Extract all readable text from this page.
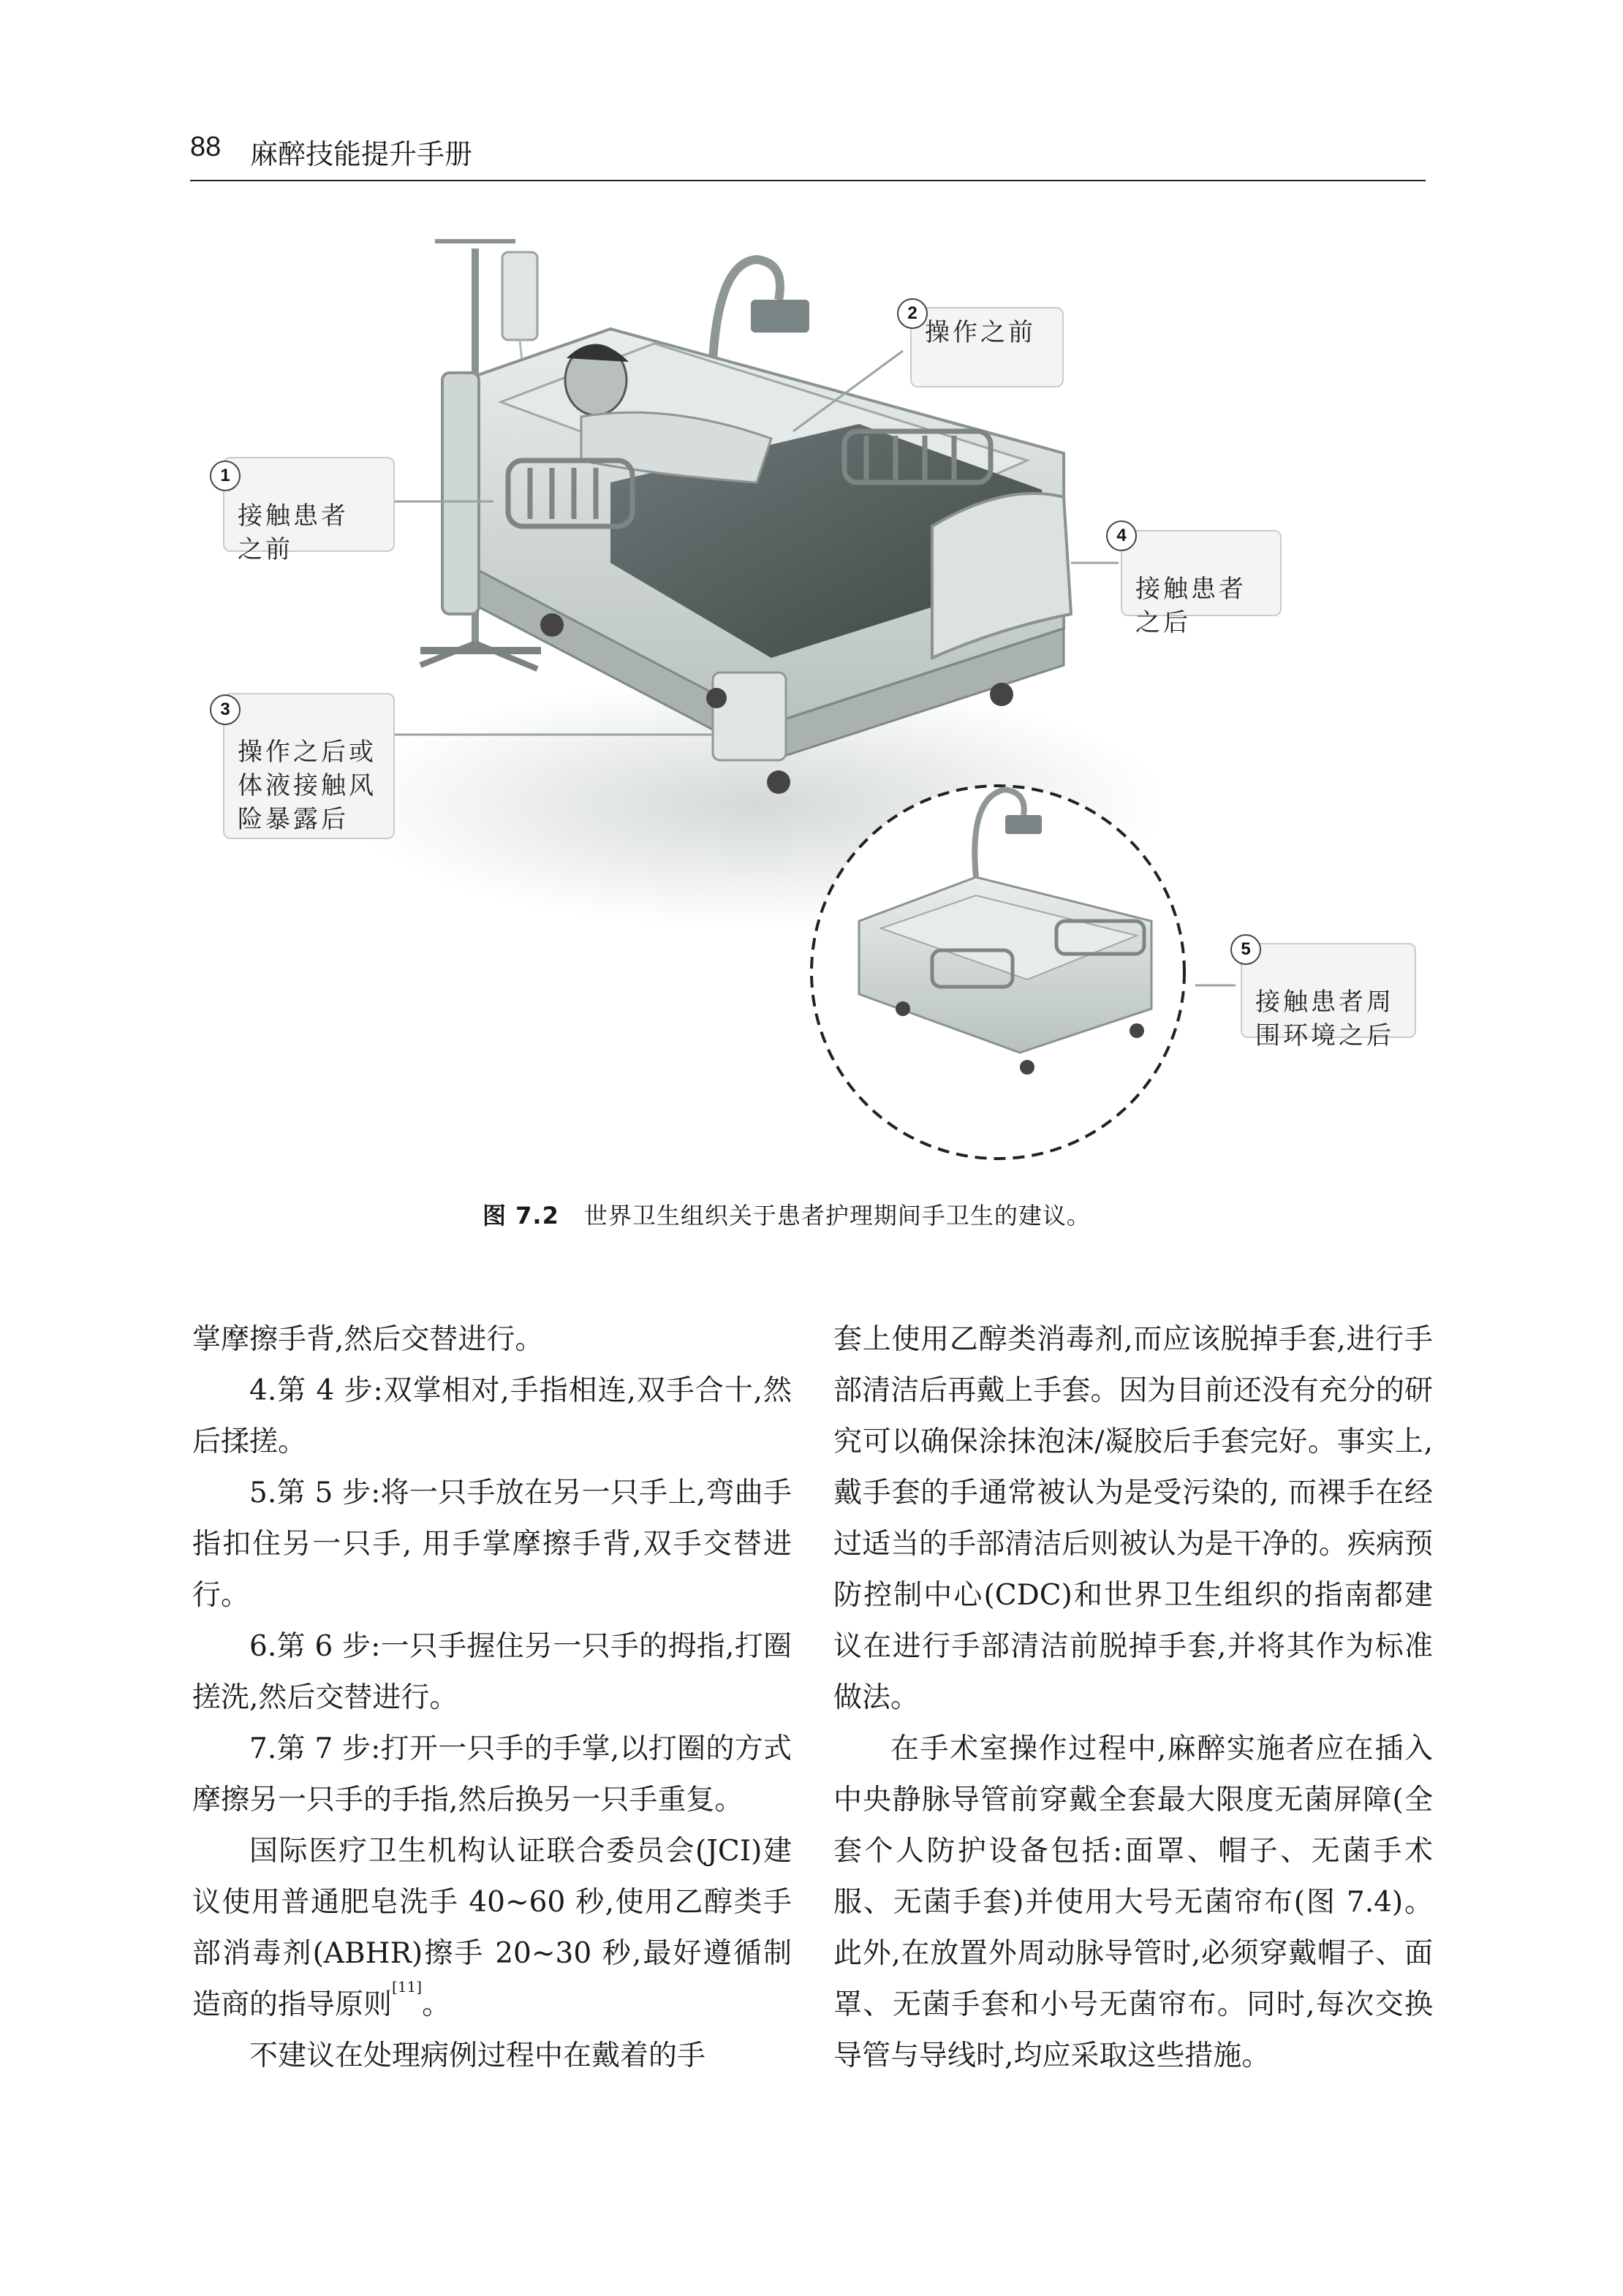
88 麻醉技能提升手册

接触患者
之前

1
操作之前
2

操作之后或
体液接触风
险暴露后

3

接触患者
之后

4

接触患者周
围环境之后

5
图 7.2 世界卫生组织关于患者护理期间手卫生的建议。

掌摩擦手背,然后交替进行。

4.第 4 步:双掌相对,手指相连,双手合十,然后揉搓。

5.第 5 步:将一只手放在另一只手上,弯曲手指扣住另一只手, 用手掌摩擦手背,双手交替进行。

6.第 6 步:一只手握住另一只手的拇指,打圈搓洗,然后交替进行。

7.第 7 步:打开一只手的手掌,以打圈的方式摩擦另一只手的手指,然后换另一只手重复。

国际医疗卫生机构认证联合委员会(JCI)建议使用普通肥皂洗手 40~60 秒,使用乙醇类手部消毒剂(ABHR)擦手 20~30 秒,最好遵循制造商的指导原则[11]。

不建议在处理病例过程中在戴着的手

套上使用乙醇类消毒剂,而应该脱掉手套,进行手部清洁后再戴上手套。因为目前还没有充分的研究可以确保涂抹泡沫/凝胶后手套完好。事实上,戴手套的手通常被认为是受污染的, 而裸手在经过适当的手部清洁后则被认为是干净的。疾病预防控制中心(CDC)和世界卫生组织的指南都建议在进行手部清洁前脱掉手套,并将其作为标准做法。

在手术室操作过程中,麻醉实施者应在插入中央静脉导管前穿戴全套最大限度无菌屏障(全套个人防护设备包括:面罩、帽子、无菌手术服、无菌手套)并使用大号无菌帘布(图 7.4)。此外,在放置外周动脉导管时,必须穿戴帽子、面罩、无菌手套和小号无菌帘布。同时,每次交换导管与导线时,均应采取这些措施。
